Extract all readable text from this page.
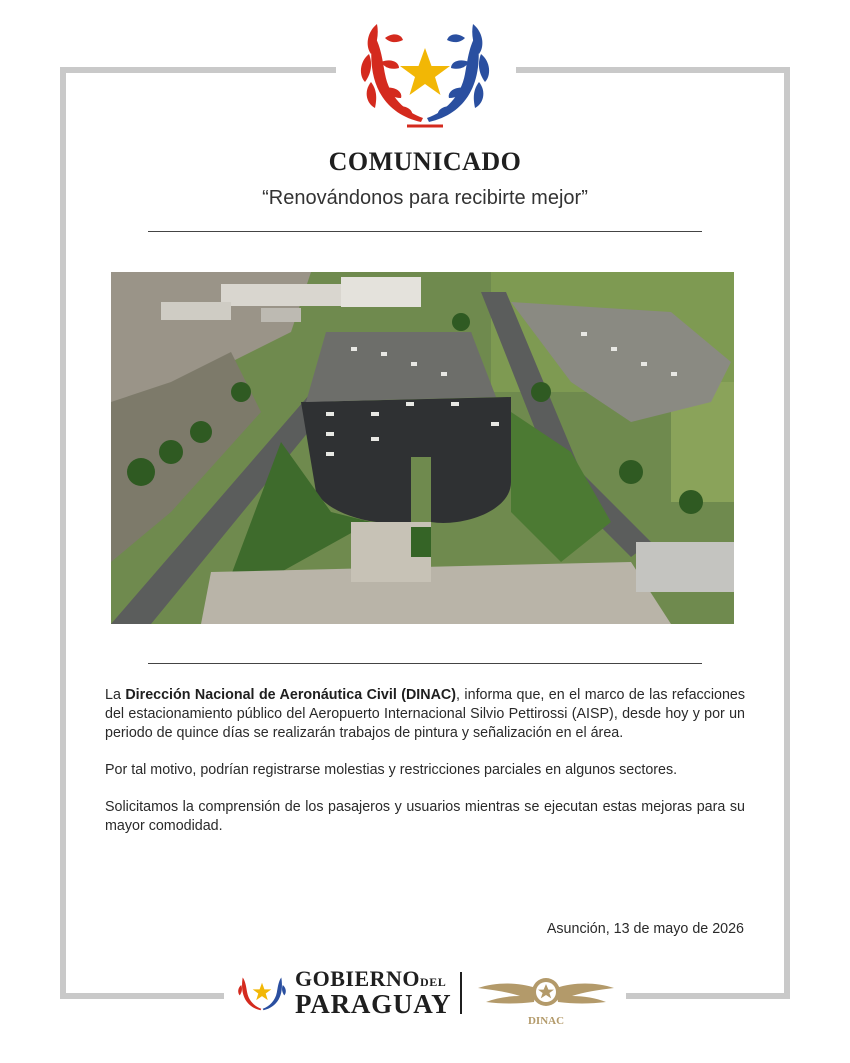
COMUNICADO
“Renovándonos para recibirte mejor”

La Dirección Nacional de Aeronáutica Civil (DINAC), informa que, en el marco de las refacciones del estacionamiento público del Aeropuerto Internacional Silvio Pettirossi (AISP), desde hoy y por un periodo de quince días se realizarán trabajos de pintura y señalización en el área.

Por tal motivo, podrían registrarse molestias y restricciones parciales en algunos sectores.

Solicitamos la comprensión de los pasajeros y usuarios mientras se ejecutan estas mejoras para su mayor comodidad.

Asunción, 13 de mayo de 2026
GOBIERNODEL
PARAGUAY
DINAC
